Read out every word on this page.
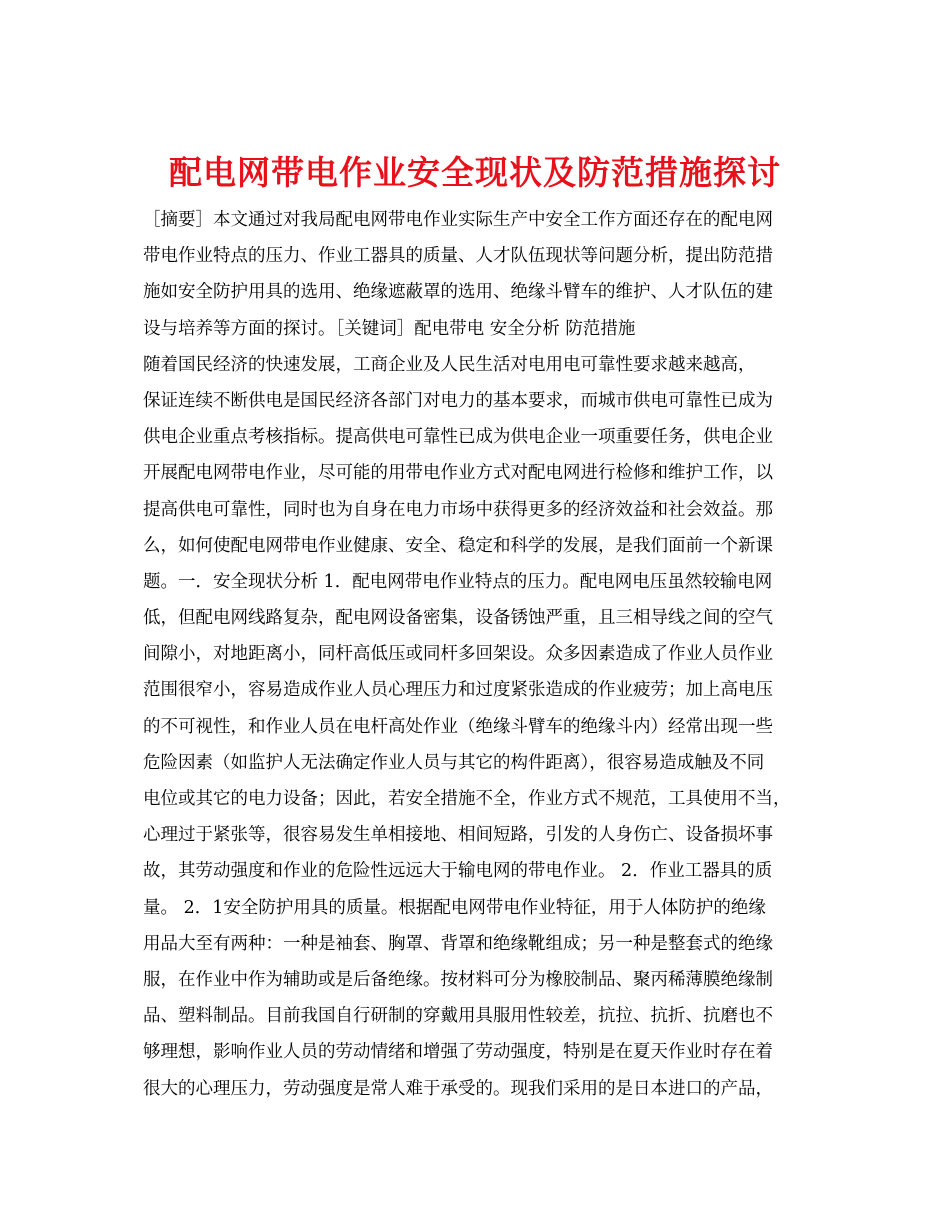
配电网带电作业安全现状及防范措施探讨
［摘要］本文通过对我局配电网带电作业实际生产中安全工作方面还存在的配电网
带电作业特点的压力、作业工器具的质量、人才队伍现状等问题分析，提出防范措
施如安全防护用具的选用、绝缘遮蔽罩的选用、绝缘斗臂车的维护、人才队伍的建
设与培养等方面的探讨。［关键词］配电带电 安全分析 防范措施
随着国民经济的快速发展，工商企业及人民生活对电用电可靠性要求越来越高，
保证连续不断供电是国民经济各部门对电力的基本要求，而城市供电可靠性已成为
供电企业重点考核指标。提高供电可靠性已成为供电企业一项重要任务，供电企业
开展配电网带电作业，尽可能的用带电作业方式对配电网进行检修和维护工作，以
提高供电可靠性，同时也为自身在电力市场中获得更多的经济效益和社会效益。那
么，如何使配电网带电作业健康、安全、稳定和科学的发展，是我们面前一个新课
题。一．安全现状分析 1．配电网带电作业特点的压力。配电网电压虽然较输电网
低，但配电网线路复杂，配电网设备密集，设备锈蚀严重，且三相导线之间的空气
间隙小，对地距离小，同杆高低压或同杆多回架设。众多因素造成了作业人员作业
范围很窄小，容易造成作业人员心理压力和过度紧张造成的作业疲劳；加上高电压
的不可视性，和作业人员在电杆高处作业（绝缘斗臂车的绝缘斗内）经常出现一些
危险因素（如监护人无法确定作业人员与其它的构件距离），很容易造成触及不同
电位或其它的电力设备；因此，若安全措施不全，作业方式不规范，工具使用不当，
心理过于紧张等，很容易发生单相接地、相间短路，引发的人身伤亡、设备损坏事
故，其劳动强度和作业的危险性远远大于输电网的带电作业。 2．作业工器具的质
量。 2．1安全防护用具的质量。根据配电网带电作业特征，用于人体防护的绝缘
用品大至有两种：一种是袖套、胸罩、背罩和绝缘靴组成；另一种是整套式的绝缘
服，在作业中作为辅助或是后备绝缘。按材料可分为橡胶制品、聚丙稀薄膜绝缘制
品、塑料制品。目前我国自行研制的穿戴用具服用性较差，抗拉、抗折、抗磨也不
够理想，影响作业人员的劳动情绪和增强了劳动强度，特别是在夏天作业时存在着
很大的心理压力，劳动强度是常人难于承受的。现我们采用的是日本进口的产品，
